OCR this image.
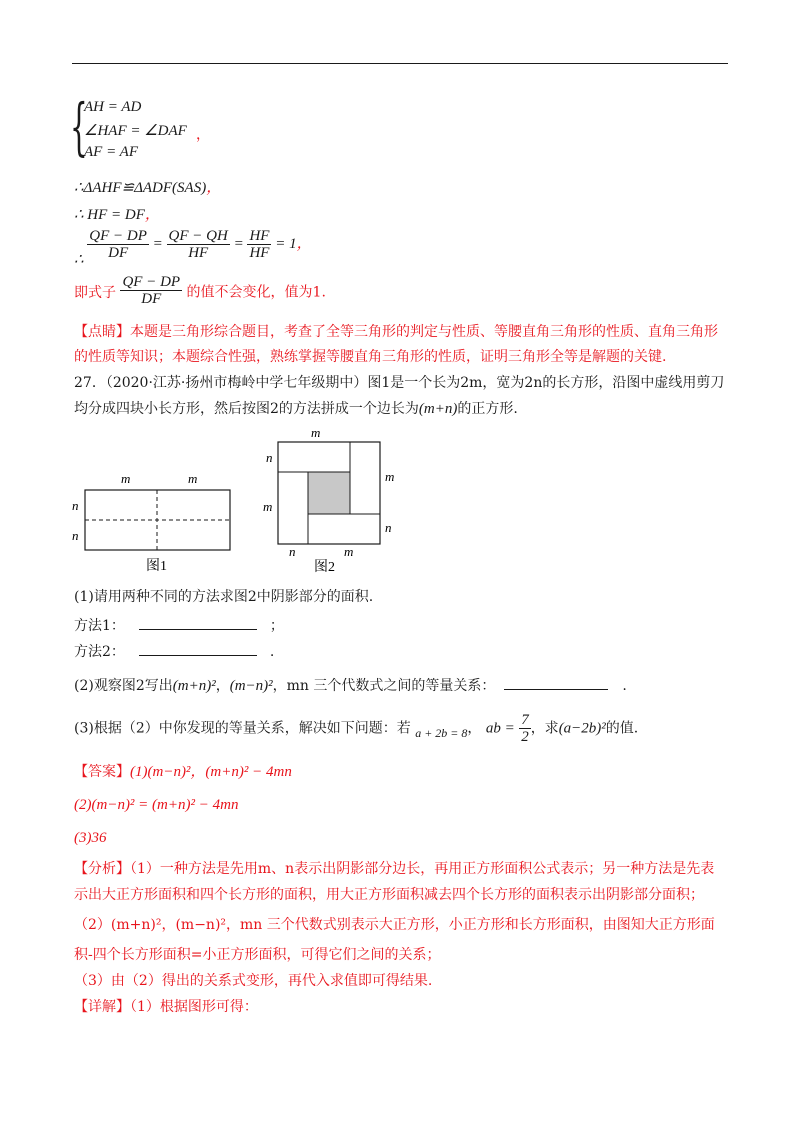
{
AH = AD
∠HAF = ∠DAF
AF = AF
，
∴ΔAHF≌ΔADF(SAS)，
∴ HF = DF，
∴ $\frac{QF - DP}{DF} = \frac{QF - QH}{HF} = \frac{HF}{HF} = 1$，
即式子 $\frac{QF - DP}{DF}$ 的值不会变化，值为1.
【点睛】本题是三角形综合题目，考查了全等三角形的判定与性质、等腰直角三角形的性质、直角三角形
的性质等知识；本题综合性强，熟练掌握等腰直角三角形的性质，证明三角形全等是解题的关键.
27．（2020·江苏·扬州市梅岭中学七年级期中）图1是一个长为2m，宽为2n的长方形，沿图中虚线用剪刀
均分成四块小长方形，然后按图2的方法拼成一个边长为(m+n)的正方形.
m	m
n
n
图1
m
n
m
m
n
n	m
图2
(1)请用两种不同的方法求图2中阴影部分的面积.
方法1：	；
方法2：	.
(2)观察图2写出(m+n)²，(m−n)²，mn 三个代数式之间的等量关系：	.
(3)根据（2）中你发现的等量关系，解决如下问题：若 a + 2b = 8， ab = $\frac{7}{2}$ ，求(a−2b)²的值.
【答案】(1)(m−n)²，(m+n)² − 4mn
(2)(m−n)² = (m+n)² − 4mn
(3)36
【分析】（1）一种方法是先用m、n表示出阴影部分边长，再用正方形面积公式表示；另一种方法是先表
示出大正方形面积和四个长方形的面积，用大正方形面积减去四个长方形的面积表示出阴影部分面积；
（2）(m+n)²，(m−n)²，mn 三个代数式别表示大正方形，小正方形和长方形面积，由图知大正方形面
积-四个长方形面积=小正方形面积，可得它们之间的关系；
（3）由（2）得出的关系式变形，再代入求值即可得结果.
【详解】（1）根据图形可得：
